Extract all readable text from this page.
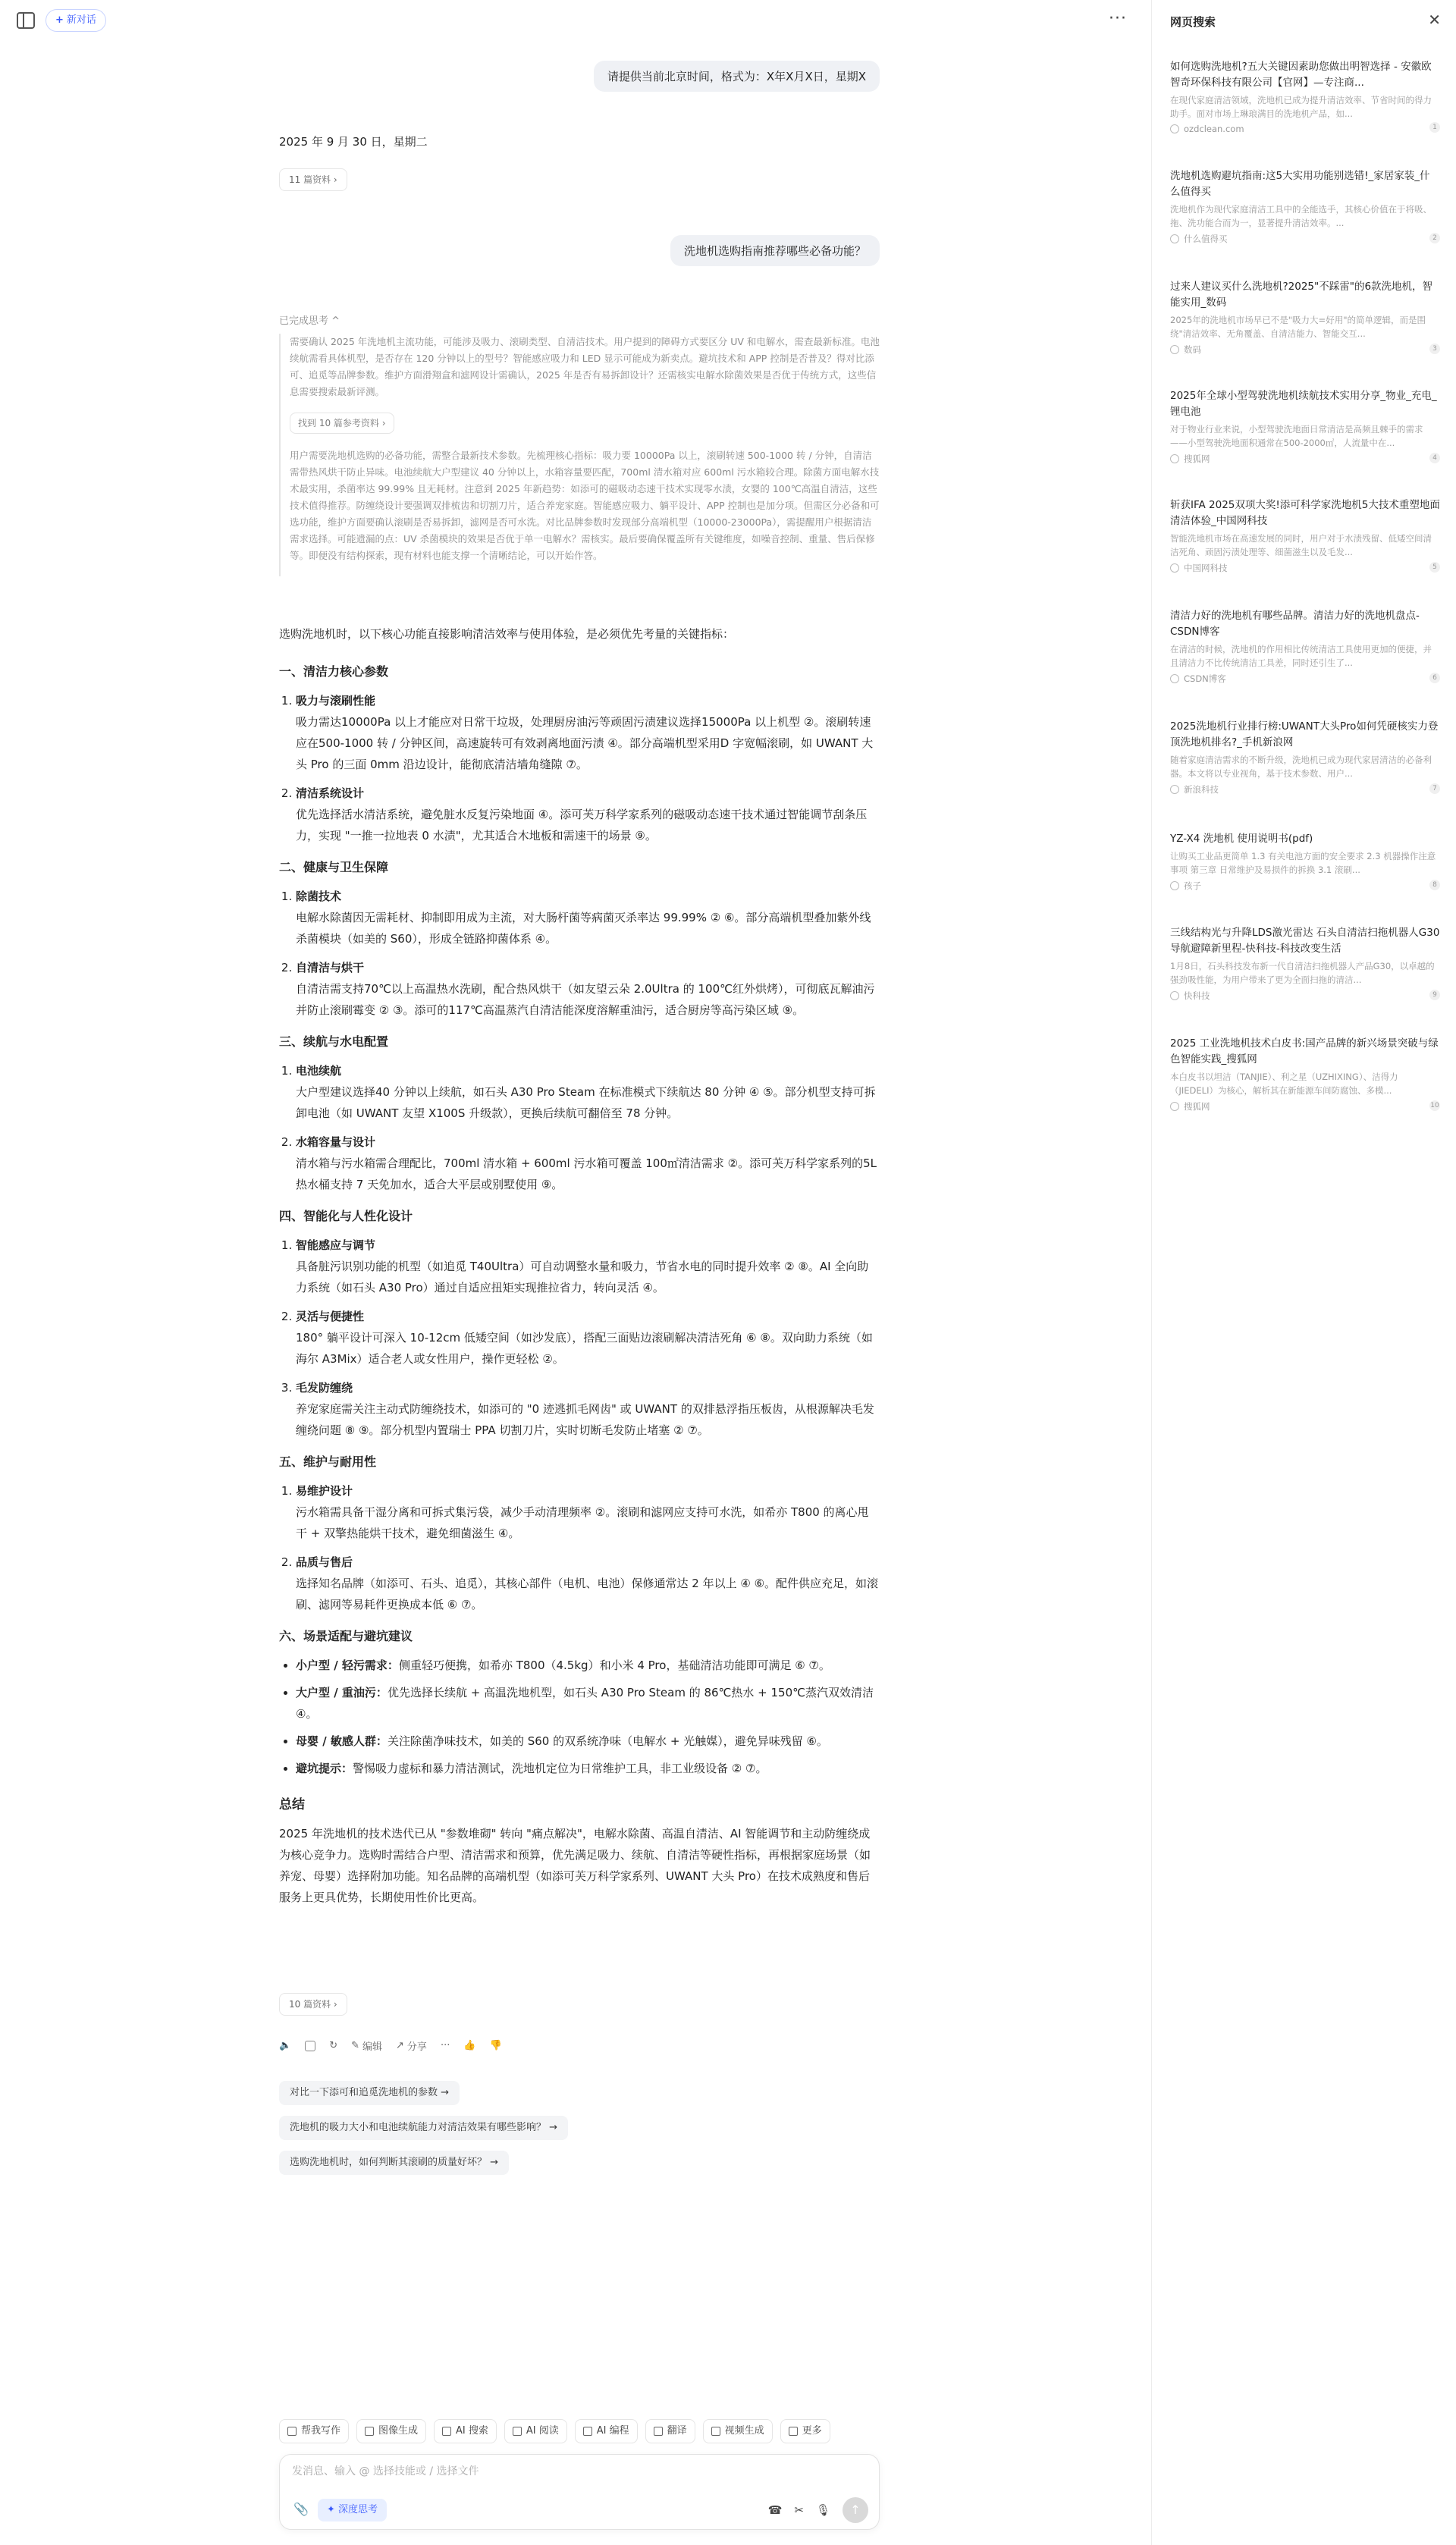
+ 新对话	···
请提供当前北京时间，格式为：X年X月X日，星期X
2025 年 9 月 30 日，星期二
11 篇资料 ›
洗地机选购指南推荐哪些必备功能？
已完成思考 ^

需要确认 2025 年洗地机主流功能，可能涉及吸力、滚刷类型、自清洁技术。用户提到的障碍方式要区分 UV 和电解水，需查最新标准。电池续航需看具体机型，是否存在 120 分钟以上的型号？智能感应吸力和 LED 显示可能成为新卖点。避坑技术和 APP 控制是否普及？得对比添可、追觅等品牌参数。维护方面滑翔盒和滤网设计需确认，2025 年是否有易拆卸设计？还需核实电解水除菌效果是否优于传统方式，这些信息需要搜索最新评测。

找到 10 篇参考资料 ›

用户需要洗地机选购的必备功能，需整合最新技术参数。先梳理核心指标：吸力要 10000Pa 以上，滚刷转速 500-1000 转 / 分钟，自清洁需带热风烘干防止异味。电池续航大户型建议 40 分钟以上，水箱容量要匹配，700ml 清水箱对应 600ml 污水箱较合理。除菌方面电解水技术最实用，杀菌率达 99.99% 且无耗材。注意到 2025 年新趋势：如添可的磁吸动态速干技术实现零水渍，女婴的 100℃高温自清洁，这些技术值得推荐。防缠绕设计要强调双排梳齿和切割刀片，适合养宠家庭。智能感应吸力、躺平设计、APP 控制也是加分项。但需区分必备和可选功能，维护方面要确认滚刷是否易拆卸，滤网是否可水洗。对比品牌参数时发现部分高端机型（10000-23000Pa），需提醒用户根据清洁需求选择。可能遗漏的点：UV 杀菌模块的效果是否优于单一电解水？需核实。最后要确保覆盖所有关键维度，如噪音控制、重量、售后保修等。即便没有结构探索，现有材料也能支撑一个清晰结论，可以开始作答。

选购洗地机时，以下核心功能直接影响清洁效率与使用体验，是必须优先考量的关键指标：
一、清洁力核心参数
1. 吸力与滚刷性能
吸力需达10000Pa 以上才能应对日常干垃圾，处理厨房油污等顽固污渍建议选择15000Pa 以上机型 ②。滚刷转速应在500-1000 转 / 分钟区间，高速旋转可有效剥离地面污渍 ④。部分高端机型采用D 字宽幅滚刷，如 UWANT 大头 Pro 的三面 0mm 沿边设计，能彻底清洁墙角缝隙 ⑦。
2. 清洁系统设计
优先选择活水清洁系统，避免脏水反复污染地面 ④。添可芙万科学家系列的磁吸动态速干技术通过智能调节刮条压力，实现 "一推一拉地表 0 水渍"，尤其适合木地板和需速干的场景 ⑨。
二、健康与卫生保障
1. 除菌技术
电解水除菌因无需耗材、抑制即用成为主流，对大肠杆菌等病菌灭杀率达 99.99% ② ⑥。部分高端机型叠加紫外线杀菌模块（如美的 S60），形成全链路抑菌体系 ④。
2. 自清洁与烘干
自清洁需支持70℃以上高温热水洗刷，配合热风烘干（如友望云朵 2.0Ultra 的 100℃红外烘烤），可彻底瓦解油污并防止滚刷霉变 ② ③。添可的117℃高温蒸汽自清洁能深度溶解重油污，适合厨房等高污染区域 ⑨。
三、续航与水电配置
1. 电池续航
大户型建议选择40 分钟以上续航，如石头 A30 Pro Steam 在标准模式下续航达 80 分钟 ④ ⑤。部分机型支持可拆卸电池（如 UWANT 友望 X100S 升级款），更换后续航可翻倍至 78 分钟。
2. 水箱容量与设计
清水箱与污水箱需合理配比，700ml 清水箱 + 600ml 污水箱可覆盖 100㎡清洁需求 ②。添可芙万科学家系列的5L 热水桶支持 7 天免加水，适合大平层或别墅使用 ⑨。
四、智能化与人性化设计
1. 智能感应与调节
具备脏污识别功能的机型（如追觅 T40Ultra）可自动调整水量和吸力，节省水电的同时提升效率 ② ⑧。AI 全向助力系统（如石头 A30 Pro）通过自适应扭矩实现推拉省力，转向灵活 ④。
2. 灵活与便捷性
180° 躺平设计可深入 10-12cm 低矮空间（如沙发底），搭配三面贴边滚刷解决清洁死角 ⑥ ⑧。双向助力系统（如海尔 A3Mix）适合老人或女性用户，操作更轻松 ②。
3. 毛发防缠绕
养宠家庭需关注主动式防缠绕技术，如添可的 "0 迹逃抓毛网齿" 或 UWANT 的双排悬浮指压板齿，从根源解决毛发缠绕问题 ⑧ ⑨。部分机型内置瑞士 PPA 切割刀片，实时切断毛发防止堵塞 ② ⑦。
五、维护与耐用性
1. 易维护设计
污水箱需具备干湿分离和可拆式集污袋，减少手动清理频率 ②。滚刷和滤网应支持可水洗，如希亦 T800 的离心甩干 + 双擎热能烘干技术，避免细菌滋生 ④。
2. 品质与售后
选择知名品牌（如添可、石头、追觅），其核心部件（电机、电池）保修通常达 2 年以上 ④ ⑥。配件供应充足，如滚刷、滤网等易耗件更换成本低 ⑥ ⑦。
六、场景适配与避坑建议
• 小户型 / 轻污需求：侧重轻巧便携，如希亦 T800（4.5kg）和小米 4 Pro，基础清洁功能即可满足 ⑥ ⑦。
• 大户型 / 重油污：优先选择长续航 + 高温洗地机型，如石头 A30 Pro Steam 的 86℃热水 + 150℃蒸汽双效清洁 ④。
• 母婴 / 敏感人群：关注除菌净味技术，如美的 S60 的双系统净味（电解水 + 光触媒），避免异味残留 ⑥。
• 避坑提示：警惕吸力虚标和暴力清洁测试，洗地机定位为日常维护工具，非工业级设备 ② ⑦。
总结
2025 年洗地机的技术迭代已从 "参数堆砌" 转向 "痛点解决"，电解水除菌、高温自清洁、AI 智能调节和主动防缠绕成为核心竞争力。选购时需结合户型、清洁需求和预算，优先满足吸力、续航、自清洁等硬性指标，再根据家庭场景（如养宠、母婴）选择附加功能。知名品牌的高端机型（如添可芙万科学家系列、UWANT 大头 Pro）在技术成熟度和售后服务上更具优势，长期使用性价比更高。
10 篇资料 ›
🔈	↻ ✎ 编辑 ↗ 分享 ··· 👍 👎
对比一下添可和追觅洗地机的参数 →
洗地机的吸力大小和电池续航能力对清洁效果有哪些影响？ →
选购洗地机时，如何判断其滚刷的质量好坏？ →
帮我写作	图像生成	AI 搜索	AI 阅读	AI 编程	翻译	视频生成	更多
发消息、输入 @ 选择技能或 / 选择文件
📎	✦ 深度思考	☎ ✂ 🎙	↑
网页搜索	✕
如何选购洗地机?五大关键因素助您做出明智选择 - 安徽欧智奇环保科技有限公司【官网】—专注商...
在现代家庭清洁领域，洗地机已成为提升清洁效率、节省时间的得力助手。面对市场上琳琅满目的洗地机产品，如...
ozdclean.com	1
洗地机选购避坑指南:这5大实用功能别选错!_家居家装_什么值得买
洗地机作为现代家庭清洁工具中的全能选手，其核心价值在于将吸、拖、洗功能合而为一，显著提升清洁效率。...
什么值得买	2
过来人建议买什么洗地机?2025"不踩雷"的6款洗地机，智能实用_数码
2025年的洗地机市场早已不是"吸力大=好用"的简单逻辑，而是围绕"清洁效率、无角覆盖、自清洁能力、智能交互...
数码	3
2025年全球小型驾驶洗地机续航技术实用分享_物业_充电_锂电池
对于物业行业来说，小型驾驶洗地面日常清洁是高频且棘手的需求——小型驾驶洗地面积通常在500-2000㎡，人流量中在...
搜狐网	4
斩获IFA 2025双项大奖!添可科学家洗地机5大技术重塑地面清洁体验_中国网科技
智能洗地机市场在高速发展的同时，用户对于水渍残留、低矮空间清洁死角、顽固污渍处理等、细菌滋生以及毛发...
中国网科技	5
清洁力好的洗地机有哪些品牌。清洁力好的洗地机盘点-CSDN博客
在清洁的时候，洗地机的作用相比传统清洁工具使用更加的便捷，并且清洁力不比传统清洁工具差，同时还引生了...
CSDN博客	6
2025洗地机行业排行榜:UWANT大头Pro如何凭硬核实力登顶洗地机排名?_手机新浪网
随着家庭清洁需求的不断升级，洗地机已成为现代家居清洁的必备利器。本文将以专业视角，基于技术参数、用户...
新浪科技	7
YZ-X4 洗地机 使用说明书(pdf)
让购买工业品更简单 1.3 有关电池方面的安全要求 2.3 机器操作注意事项 第三章 日常维护及易损件的拆换 3.1 滚刷...
孩子	8
三线结构光与升降LDS激光雷达 石头自清洁扫拖机器人G30导航避障新里程-快科技-科技改变生活
1月8日，石头科技发布新一代自清洁扫拖机器人产品G30，以卓越的强劲吸性能，为用户带来了更为全面扫拖的清洁...
快科技	9
2025 工业洗地机技术白皮书:国产品牌的新兴场景突破与绿色智能实践_搜狐网
本白皮书以坦洁（TANJIE）、利之星（UZHIXING）、洁得力（JIEDELI）为核心，解析其在新能源车间防腐蚀、多模...
搜狐网	10
